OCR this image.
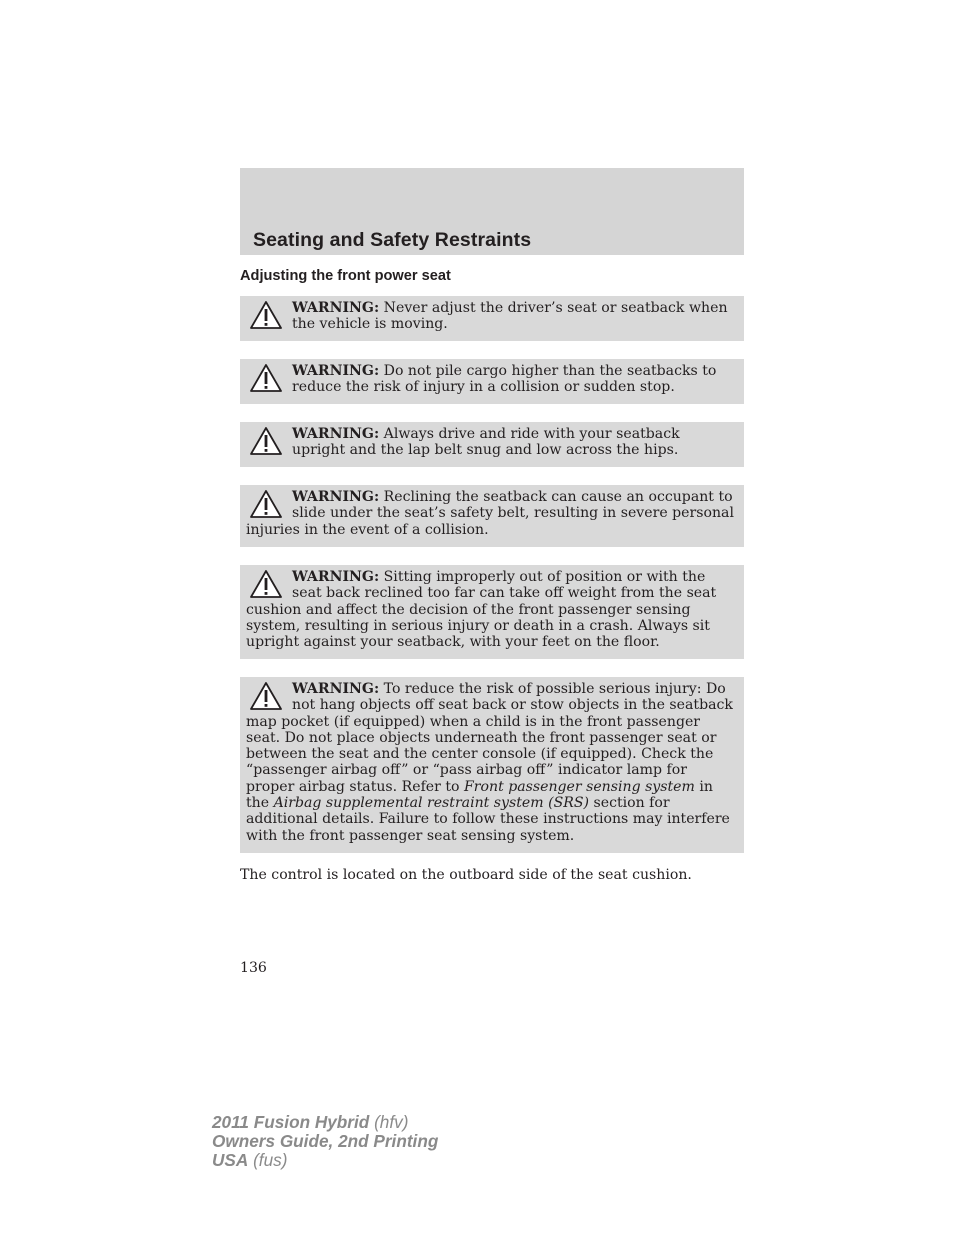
Seating and Safety Restraints
Adjusting the front power seat
WARNING: Never adjust the driver’s seat or seatback when the vehicle is moving.
WARNING: Do not pile cargo higher than the seatbacks to reduce the risk of injury in a collision or sudden stop.
WARNING: Always drive and ride with your seatback upright and the lap belt snug and low across the hips.
WARNING: Reclining the seatback can cause an occupant to slide under the seat’s safety belt, resulting in severe personal injuries in the event of a collision.
WARNING: Sitting improperly out of position or with the seat back reclined too far can take off weight from the seat cushion and affect the decision of the front passenger sensing system, resulting in serious injury or death in a crash. Always sit upright against your seatback, with your feet on the floor.
WARNING: To reduce the risk of possible serious injury: Do not hang objects off seat back or stow objects in the seatback map pocket (if equipped) when a child is in the front passenger seat. Do not place objects underneath the front passenger seat or between the seat and the center console (if equipped). Check the “passenger airbag off” or “pass airbag off” indicator lamp for proper airbag status. Refer to Front passenger sensing system in the Airbag supplemental restraint system (SRS) section for additional details. Failure to follow these instructions may interfere with the front passenger seat sensing system.
The control is located on the outboard side of the seat cushion.
136
2011 Fusion Hybrid (hfv)
Owners Guide, 2nd Printing
USA (fus)
